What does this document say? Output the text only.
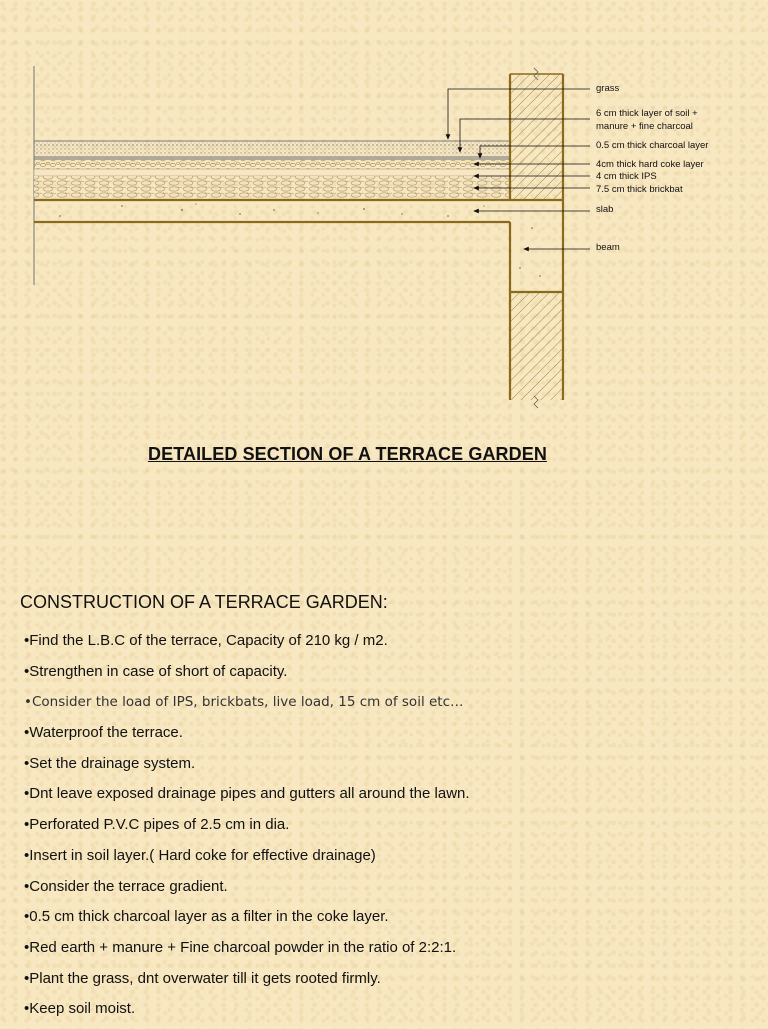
grass
6 cm thick layer of soil +
manure + fine charcoal
0.5 cm thick charcoal layer
4cm thick hard coke layer
4 cm thick IPS
7.5 cm thick brickbat
slab
beam
DETAILED SECTION OF A TERRACE GARDEN
CONSTRUCTION OF A TERRACE GARDEN:
•Find the L.B.C of the terrace, Capacity of 210 kg / m2.
•Strengthen in case of short of capacity.
•Consider the load of IPS, brickbats, live load, 15 cm of soil etc…
•Waterproof the terrace.
•Set the drainage system.
•Dnt leave exposed drainage pipes and gutters all around the lawn.
•Perforated P.V.C pipes of 2.5 cm in dia.
•Insert in soil layer.( Hard coke for effective drainage)
•Consider the terrace gradient.
•0.5 cm thick charcoal layer as a filter in the coke layer.
•Red earth + manure + Fine charcoal powder in the ratio of 2:2:1.
•Plant the grass, dnt overwater till it gets rooted firmly.
•Keep soil moist.
